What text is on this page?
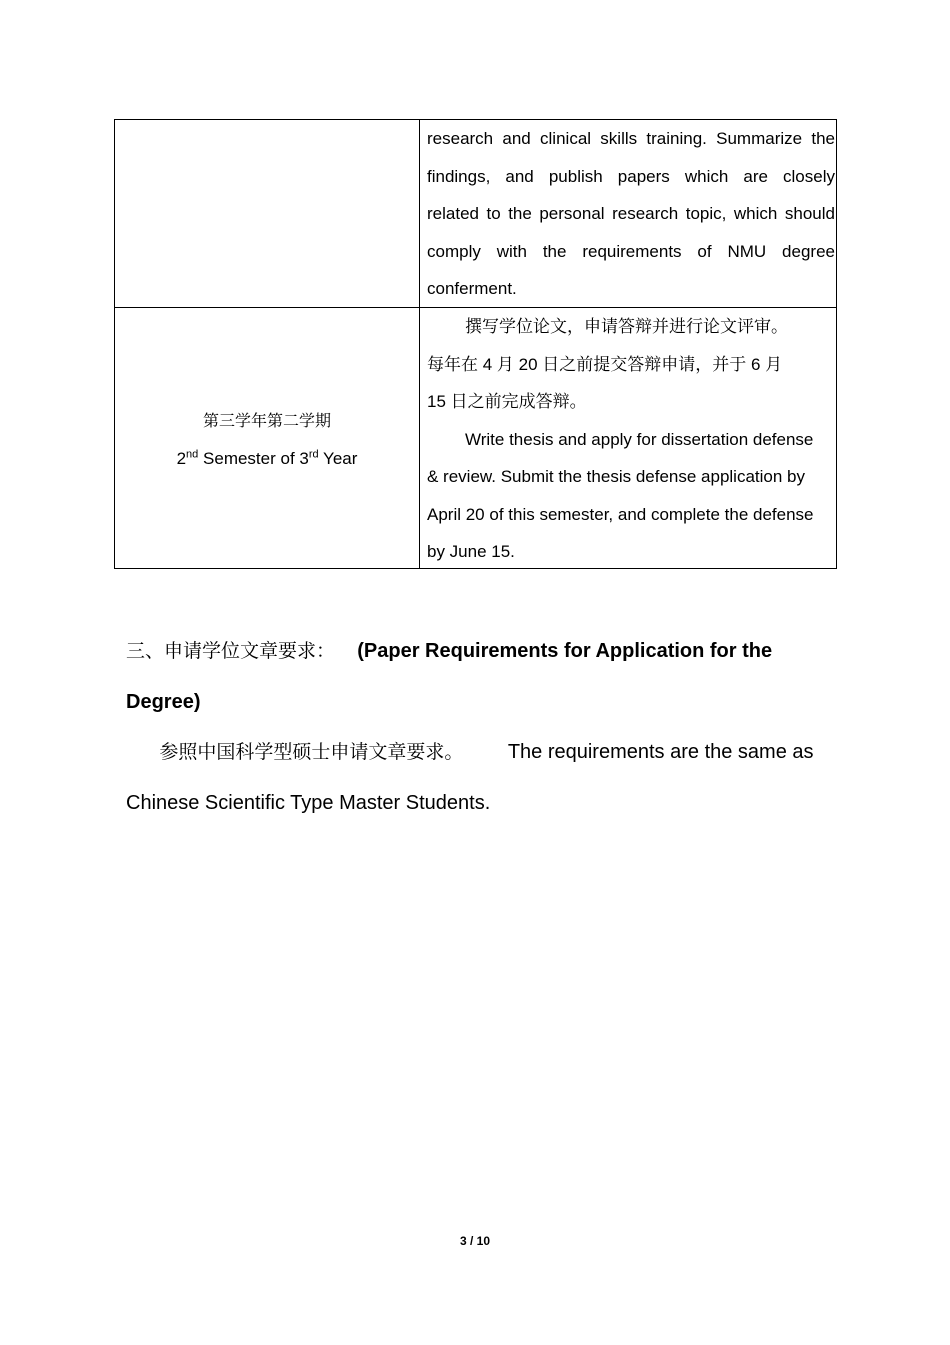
research and clinical skills training. Summarize the
findings, and publish papers which are closely
related to the personal research topic, which should
comply with the requirements of NMU degree
conferment.
第三学年第二学期
2nd Semester of 3rd Year
撰写学位论文，申请答辩并进行论文评审。
每年在 4 月 20 日之前提交答辩申请，并于 6 月
15 日之前完成答辩。
Write thesis and apply for dissertation defense
& review. Submit the thesis defense application by
April 20 of this semester, and complete the defense
by June 15.
三、申请学位文章要求： (Paper Requirements for Application for the
Degree)
参照中国科学型硕士申请文章要求。 The requirements are the same as
Chinese Scientific Type Master Students.
3 / 10
